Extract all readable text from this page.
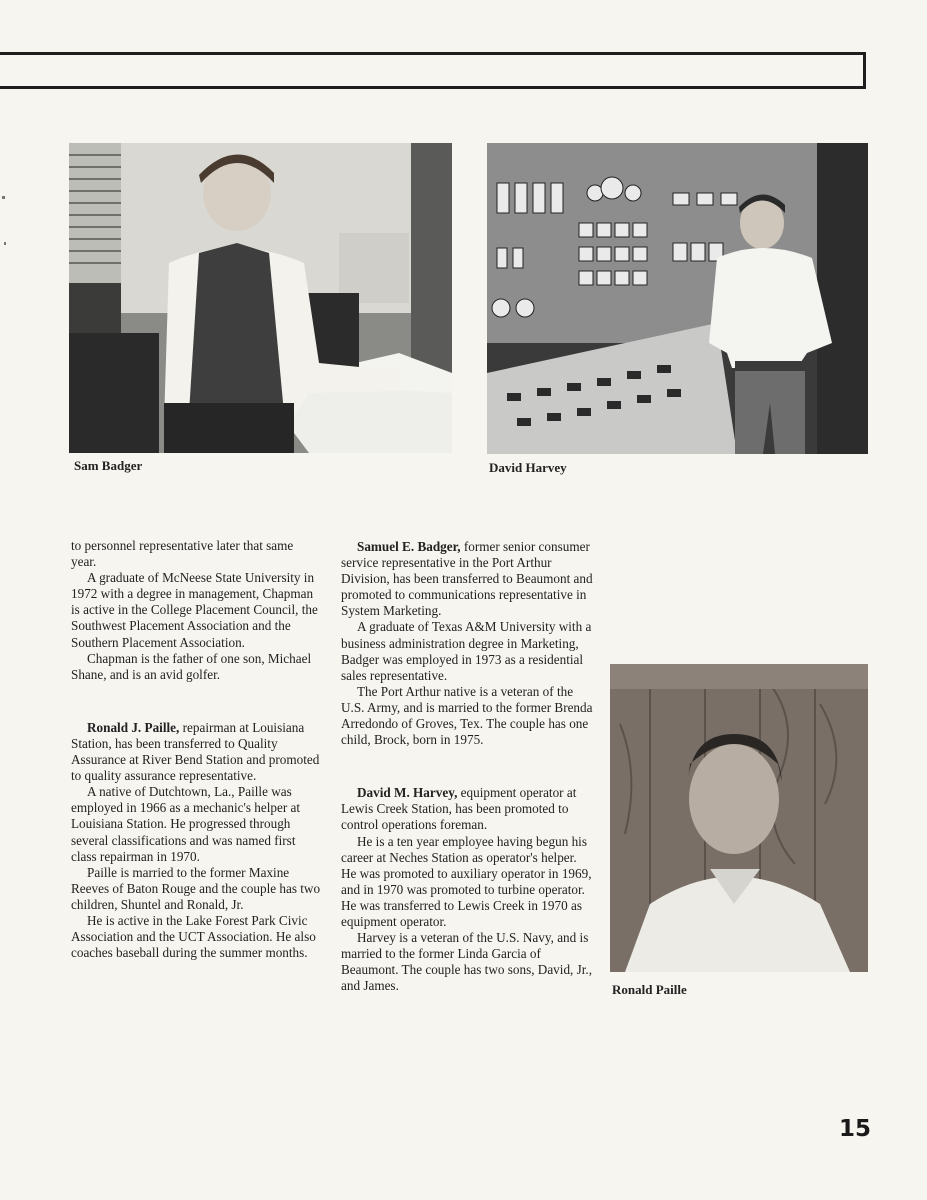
Sam Badger	David Harvey
Ronald Paille

to personnel representative later that same year.

A graduate of McNeese State University in 1972 with a degree in management, Chapman is active in the College Placement Council, the Southwest Placement Association and the Southern Placement Association.

Chapman is the father of one son, Michael Shane, and is an avid golfer.

Ronald J. Paille, repairman at Louisiana Station, has been transferred to Quality Assurance at River Bend Station and promoted to quality assurance representative.

A native of Dutchtown, La., Paille was employed in 1966 as a mechanic's helper at Louisiana Station. He progressed through several classifications and was named first class repairman in 1970.

Paille is married to the former Maxine Reeves of Baton Rouge and the couple has two children, Shuntel and Ronald, Jr.

He is active in the Lake Forest Park Civic Association and the UCT Association. He also coaches baseball during the summer months.

Samuel E. Badger, former senior consumer service representative in the Port Arthur Division, has been transferred to Beaumont and promoted to communications representative in System Marketing.

A graduate of Texas A&M University with a business administration degree in Marketing, Badger was employed in 1973 as a residential sales representative.

The Port Arthur native is a veteran of the U.S. Army, and is married to the former Brenda Arredondo of Groves, Tex. The couple has one child, Brock, born in 1975.

David M. Harvey, equipment operator at Lewis Creek Station, has been promoted to control operations foreman.

He is a ten year employee having begun his career at Neches Station as operator's helper. He was promoted to auxiliary operator in 1969, and in 1970 was promoted to turbine operator. He was transferred to Lewis Creek in 1970 as equipment operator.

Harvey is a veteran of the U.S. Navy, and is married to the former Linda Garcia of Beaumont. The couple has two sons, David, Jr., and James.

15
